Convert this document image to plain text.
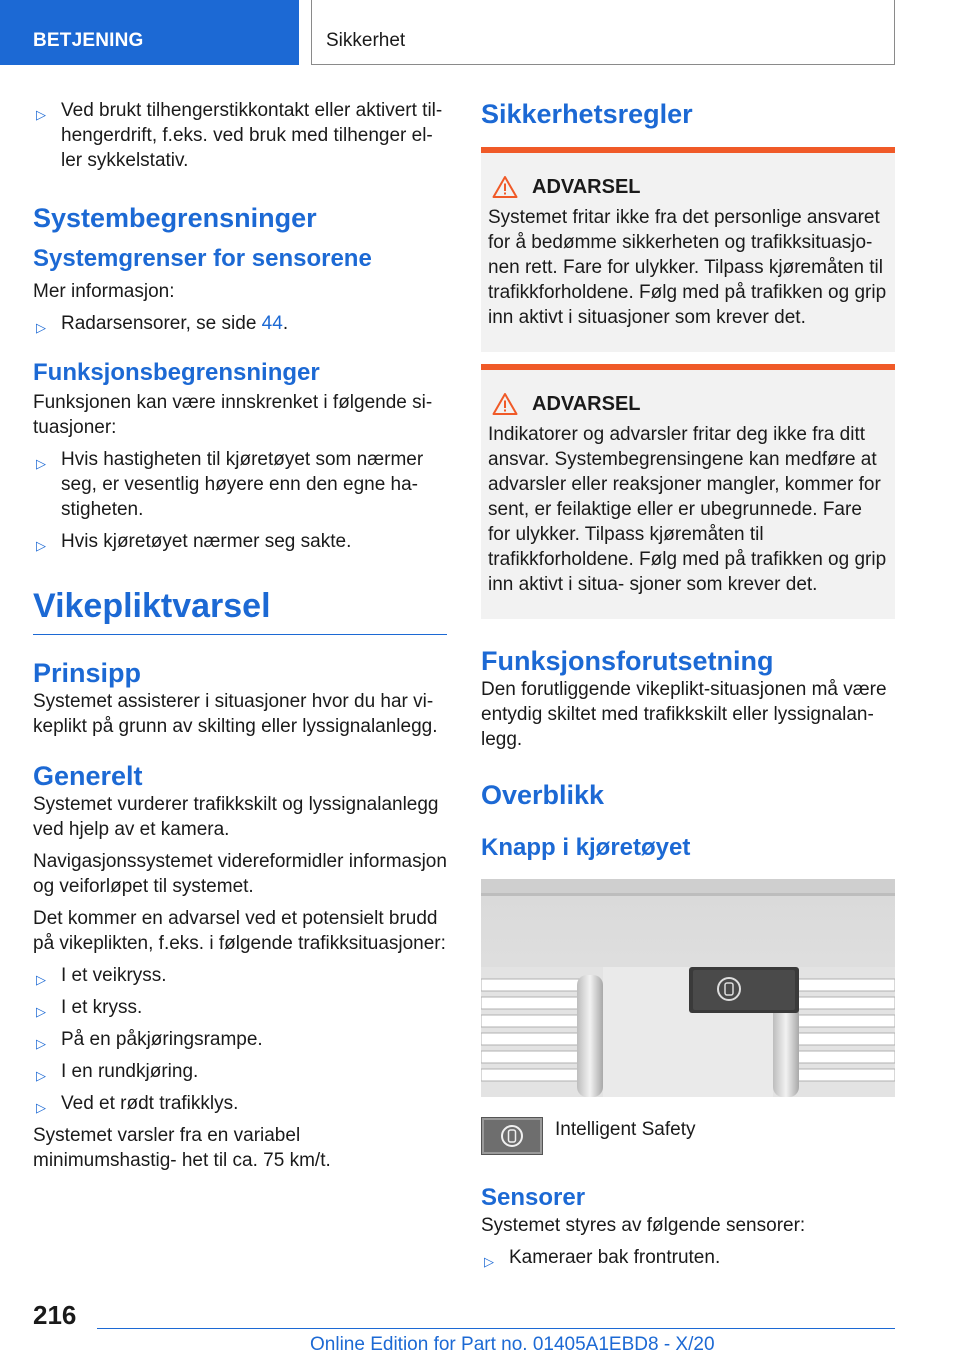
BETJENING	Sikkerhet
▷ Ved brukt tilhengerstikkontakt eller aktivert til- hengerdrift, f.eks. ved bruk med tilhenger el- ler sykkelstativ.
Systembegrensninger
Systemgrenser for sensorene

Mer informasjon:

▷ Radarsensorer, se side 44.
Funksjonsbegrensninger

Funksjonen kan være innskrenket i følgende si- tuasjoner:

▷ Hvis hastigheten til kjøretøyet som nærmer seg, er vesentlig høyere enn den egne ha- stigheten.
▷ Hvis kjøretøyet nærmer seg sakte.
Vikepliktvarsel
Prinsipp

Systemet assisterer i situasjoner hvor du har vi- keplikt på grunn av skilting eller lyssignalanlegg.

Generelt

Systemet vurderer trafikkskilt og lyssignalanlegg ved hjelp av et kamera.

Navigasjonssystemet videreformidler informasjon og veiforløpet til systemet.

Det kommer en advarsel ved et potensielt brudd på vikeplikten, f.eks. i følgende trafikksituasjoner:

▷ I et veikryss.
▷ I et kryss.
▷ På en påkjøringsrampe.
▷ I en rundkjøring.
▷ Ved et rødt trafikklys.

Systemet varsler fra en variabel minimumshastig- het til ca. 75 km/t.

Sikkerhetsregler
ADVARSEL

Systemet fritar ikke fra det personlige ansvaret for å bedømme sikkerheten og trafikksituasjo- nen rett. Fare for ulykker. Tilpass kjøremåten til trafikkforholdene. Følg med på trafikken og grip inn aktivt i situasjoner som krever det.

ADVARSEL

Indikatorer og advarsler fritar deg ikke fra ditt ansvar. Systembegrensingene kan medføre at advarsler eller reaksjoner mangler, kommer for sent, er feilaktige eller er ubegrunnede. Fare for ulykker. Tilpass kjøremåten til trafikkforholdene. Følg med på trafikken og grip inn aktivt i situa- sjoner som krever det.

Funksjonsforutsetning

Den forutliggende vikeplikt-situasjonen må være entydig skiltet med trafikkskilt eller lyssignalan- legg.

Overblikk
Knapp i kjøretøyet

Intelligent Safety

Sensorer

Systemet styres av følgende sensorer:

▷ Kameraer bak frontruten.
216
Online Edition for Part no. 01405A1EBD8 - X/20
